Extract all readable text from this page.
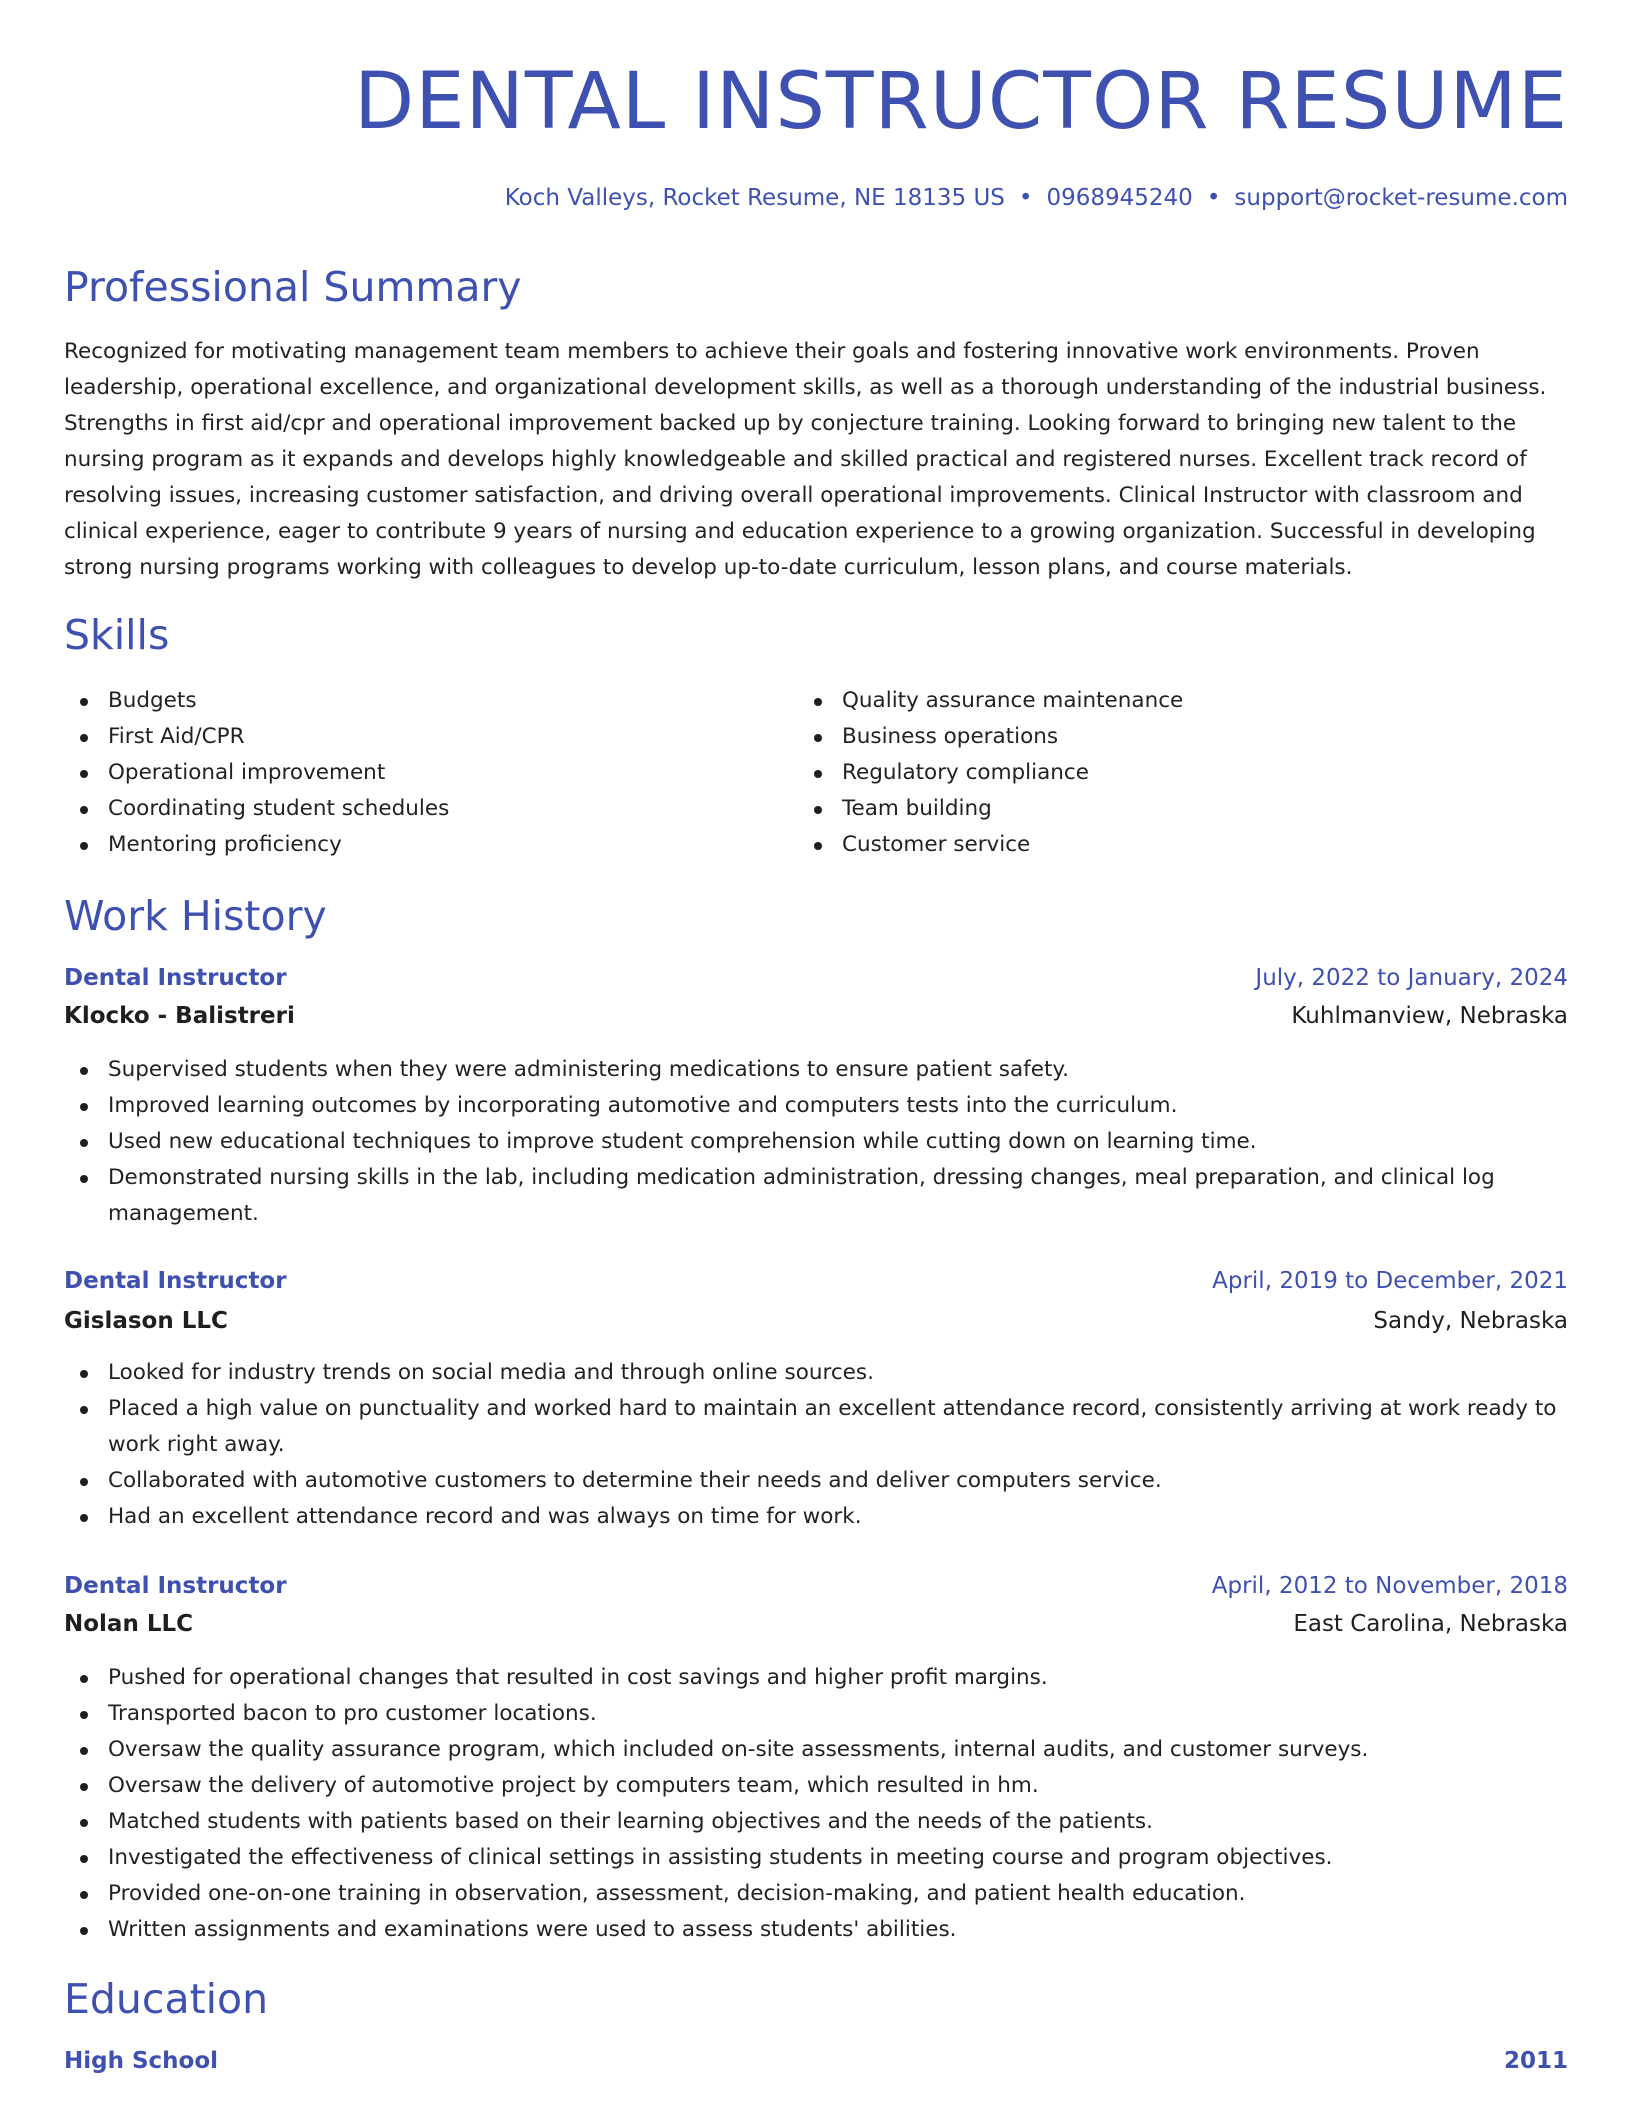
DENTAL INSTRUCTOR RESUME
Koch Valleys, Rocket Resume, NE 18135 US • 0968945240 • support@rocket-resume.com
Professional Summary

Recognized for motivating management team members to achieve their goals and fostering innovative work environments. Proven leadership, operational excellence, and organizational development skills, as well as a thorough understanding of the industrial business. Strengths in first aid/cpr and operational improvement backed up by conjecture training. Looking forward to bringing new talent to the nursing program as it expands and develops highly knowledgeable and skilled practical and registered nurses. Excellent track record of resolving issues, increasing customer satisfaction, and driving overall operational improvements. Clinical Instructor with classroom and clinical experience, eager to contribute 9 years of nursing and education experience to a growing organization. Successful in developing strong nursing programs working with colleagues to develop up-to-date curriculum, lesson plans, and course materials.

Skills
Budgets
First Aid/CPR
Operational improvement
Coordinating student schedules
Mentoring proficiency
Quality assurance maintenance
Business operations
Regulatory compliance
Team building
Customer service
Work History
Dental Instructor	July, 2022 to January, 2024
Klocko - Balistreri	Kuhlmanview, Nebraska
Supervised students when they were administering medications to ensure patient safety.
Improved learning outcomes by incorporating automotive and computers tests into the curriculum.
Used new educational techniques to improve student comprehension while cutting down on learning time.
Demonstrated nursing skills in the lab, including medication administration, dressing changes, meal preparation, and clinical log management.
Dental Instructor	April, 2019 to December, 2021
Gislason LLC	Sandy, Nebraska
Looked for industry trends on social media and through online sources.
Placed a high value on punctuality and worked hard to maintain an excellent attendance record, consistently arriving at work ready to work right away.
Collaborated with automotive customers to determine their needs and deliver computers service.
Had an excellent attendance record and was always on time for work.
Dental Instructor	April, 2012 to November, 2018
Nolan LLC	East Carolina, Nebraska
Pushed for operational changes that resulted in cost savings and higher profit margins.
Transported bacon to pro customer locations.
Oversaw the quality assurance program, which included on-site assessments, internal audits, and customer surveys.
Oversaw the delivery of automotive project by computers team, which resulted in hm.
Matched students with patients based on their learning objectives and the needs of the patients.
Investigated the effectiveness of clinical settings in assisting students in meeting course and program objectives.
Provided one-on-one training in observation, assessment, decision-making, and patient health education.
Written assignments and examinations were used to assess students' abilities.
Education
High School	2011
